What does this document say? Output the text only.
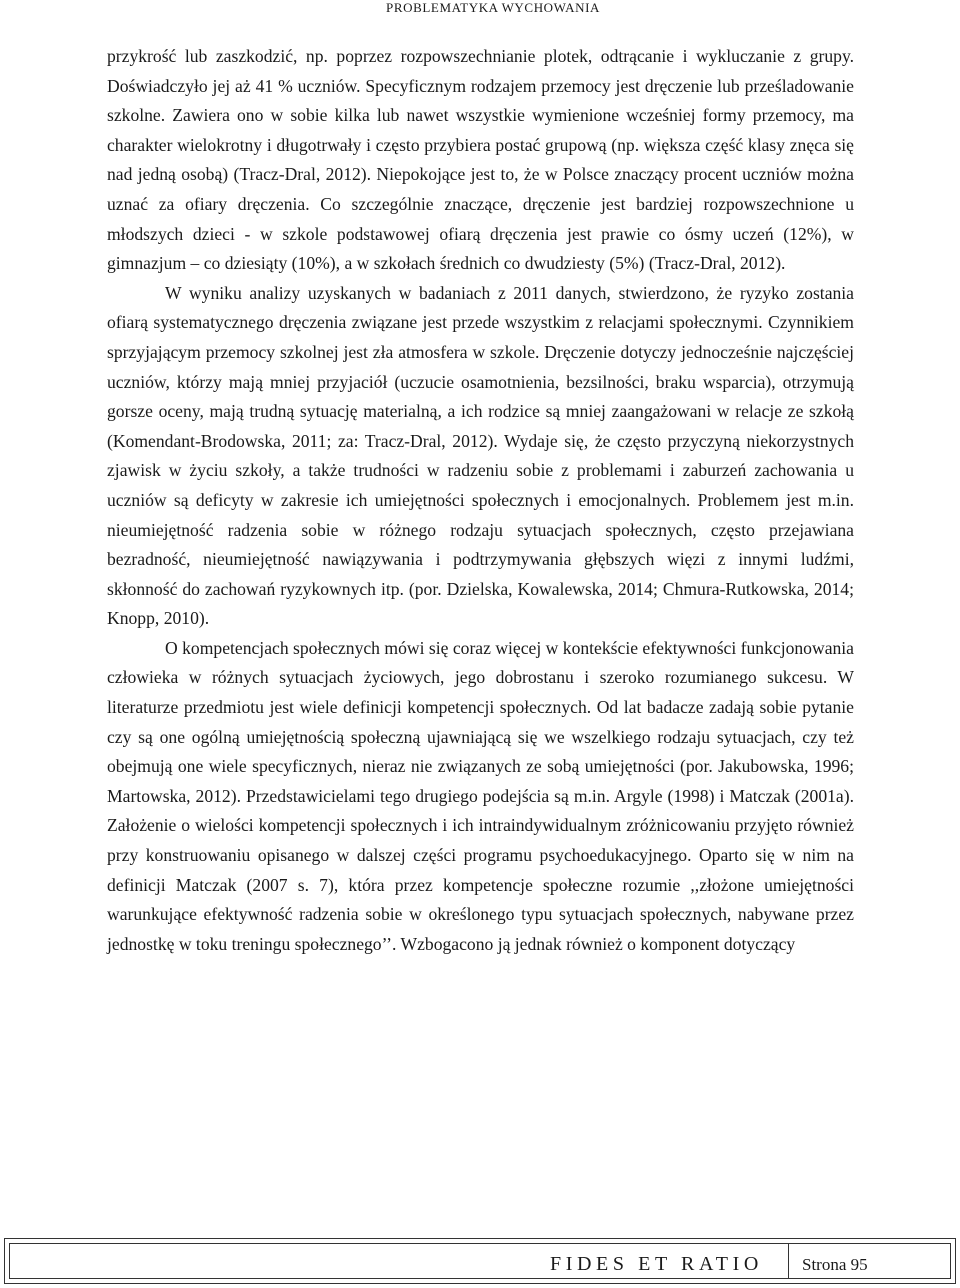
PROBLEMATYKA WYCHOWANIA

przykrość lub zaszkodzić, np. poprzez rozpowszechnianie plotek, odtrącanie i wykluczanie z grupy. Doświadczyło jej aż 41 % uczniów. Specyficznym rodzajem przemocy jest dręczenie lub prześladowanie szkolne. Zawiera ono w sobie kilka lub nawet wszystkie wymienione wcześniej formy przemocy, ma charakter wielokrotny i długotrwały i często przybiera postać grupową (np. większa część klasy znęca się nad jedną osobą) (Tracz-Dral, 2012). Niepokojące jest to, że w Polsce znaczący procent uczniów można uznać za ofiary dręczenia. Co szczególnie znaczące, dręczenie jest bardziej rozpowszechnione u młodszych dzieci - w szkole podstawowej ofiarą dręczenia jest prawie co ósmy uczeń (12%), w gimnazjum – co dziesiąty (10%), a w szkołach średnich co dwudziesty (5%) (Tracz-Dral, 2012).

W wyniku analizy uzyskanych w badaniach z 2011 danych, stwierdzono, że ryzyko zostania ofiarą systematycznego dręczenia związane jest przede wszystkim z relacjami społecznymi. Czynnikiem sprzyjającym przemocy szkolnej jest zła atmosfera w szkole. Dręczenie dotyczy jednocześnie najczęściej uczniów, którzy mają mniej przyjaciół (uczucie osamotnienia, bezsilności, braku wsparcia), otrzymują gorsze oceny, mają trudną sytuację materialną, a ich rodzice są mniej zaangażowani w relacje ze szkołą (Komendant-Brodowska, 2011; za: Tracz-Dral, 2012). Wydaje się, że często przyczyną niekorzystnych zjawisk w życiu szkoły, a także trudności w radzeniu sobie z problemami i zaburzeń zachowania u uczniów są deficyty w zakresie ich umiejętności społecznych i emocjonalnych. Problemem jest m.in. nieumiejętność radzenia sobie w różnego rodzaju sytuacjach społecznych, często przejawiana bezradność, nieumiejętność nawiązywania i podtrzymywania głębszych więzi z innymi ludźmi, skłonność do zachowań ryzykownych itp. (por. Dzielska, Kowalewska, 2014; Chmura-Rutkowska, 2014; Knopp, 2010).

O kompetencjach społecznych mówi się coraz więcej w kontekście efektywności funkcjonowania człowieka w różnych sytuacjach życiowych, jego dobrostanu i szeroko rozumianego sukcesu. W literaturze przedmiotu jest wiele definicji kompetencji społecznych. Od lat badacze zadają sobie pytanie czy są one ogólną umiejętnością społeczną ujawniającą się we wszelkiego rodzaju sytuacjach, czy też obejmują one wiele specyficznych, nieraz nie związanych ze sobą umiejętności (por. Jakubowska, 1996; Martowska, 2012). Przedstawicielami tego drugiego podejścia są m.in. Argyle (1998) i Matczak (2001a). Założenie o wielości kompetencji społecznych i ich intraindywidualnym zróżnicowaniu przyjęto również przy konstruowaniu opisanego w dalszej części programu psychoedukacyjnego. Oparto się w nim na definicji Matczak (2007 s. 7), która przez kompetencje społeczne rozumie ,,złożone umiejętności warunkujące efektywność radzenia sobie w określonego typu sytuacjach społecznych, nabywane przez jednostkę w toku treningu społecznego’’. Wzbogacono ją jednak również o komponent dotyczący

FIDES ET RATIO Strona 95
